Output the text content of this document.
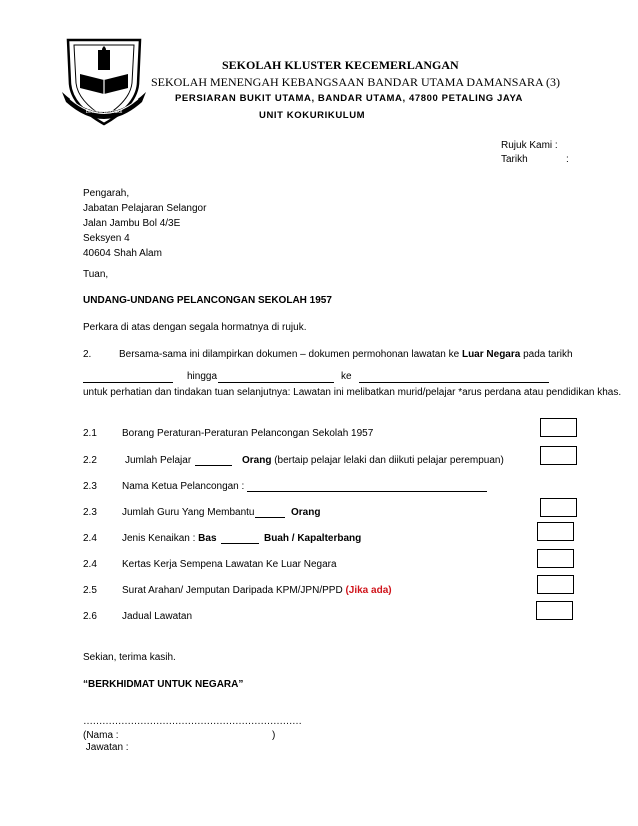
Berilmu Berbakti
SEKOLAH KLUSTER KECEMERLANGAN
SEKOLAH MENENGAH KEBANGSAAN BANDAR UTAMA DAMANSARA (3)
PERSIARAN BUKIT UTAMA, BANDAR UTAMA, 47800 PETALING JAYA
UNIT KOKURIKULUM
Rujuk Kami :
Tarikh	:
Pengarah,
Jabatan Pelajaran Selangor
Jalan Jambu Bol 4/3E
Seksyen 4
40604 Shah Alam
Tuan,
UNDANG-UNDANG PELANCONGAN SEKOLAH 1957
Perkara di atas dengan segala hormatnya di rujuk.
2.	Bersama-sama ini dilampirkan dokumen – dokumen permohonan lawatan ke Luar Negara pada tarikh
hingga	ke
untuk perhatian dan tindakan tuan selanjutnya: Lawatan ini melibatkan murid/pelajar *arus perdana atau pendidikan khas.
2.1	Borang Peraturan-Peraturan Pelancongan Sekolah 1957
2.2	Jumlah Pelajar	Orang (bertaip pelajar lelaki dan diikuti pelajar perempuan)
2.3	Nama Ketua Pelancongan :
2.3	Jumlah Guru Yang Membantu	Orang
2.4	Jenis Kenaikan : Bas	Buah / Kapalterbang
2.4	Kertas Kerja Sempena Lawatan Ke Luar Negara
2.5	Surat Arahan/ Jemputan Daripada KPM/JPN/PPD (Jika ada)
2.6	Jadual Lawatan
Sekian, terima kasih.
“BERKHIDMAT UNTUK NEGARA”
……………………………………………………………
(Nama :	)
Jawatan :
